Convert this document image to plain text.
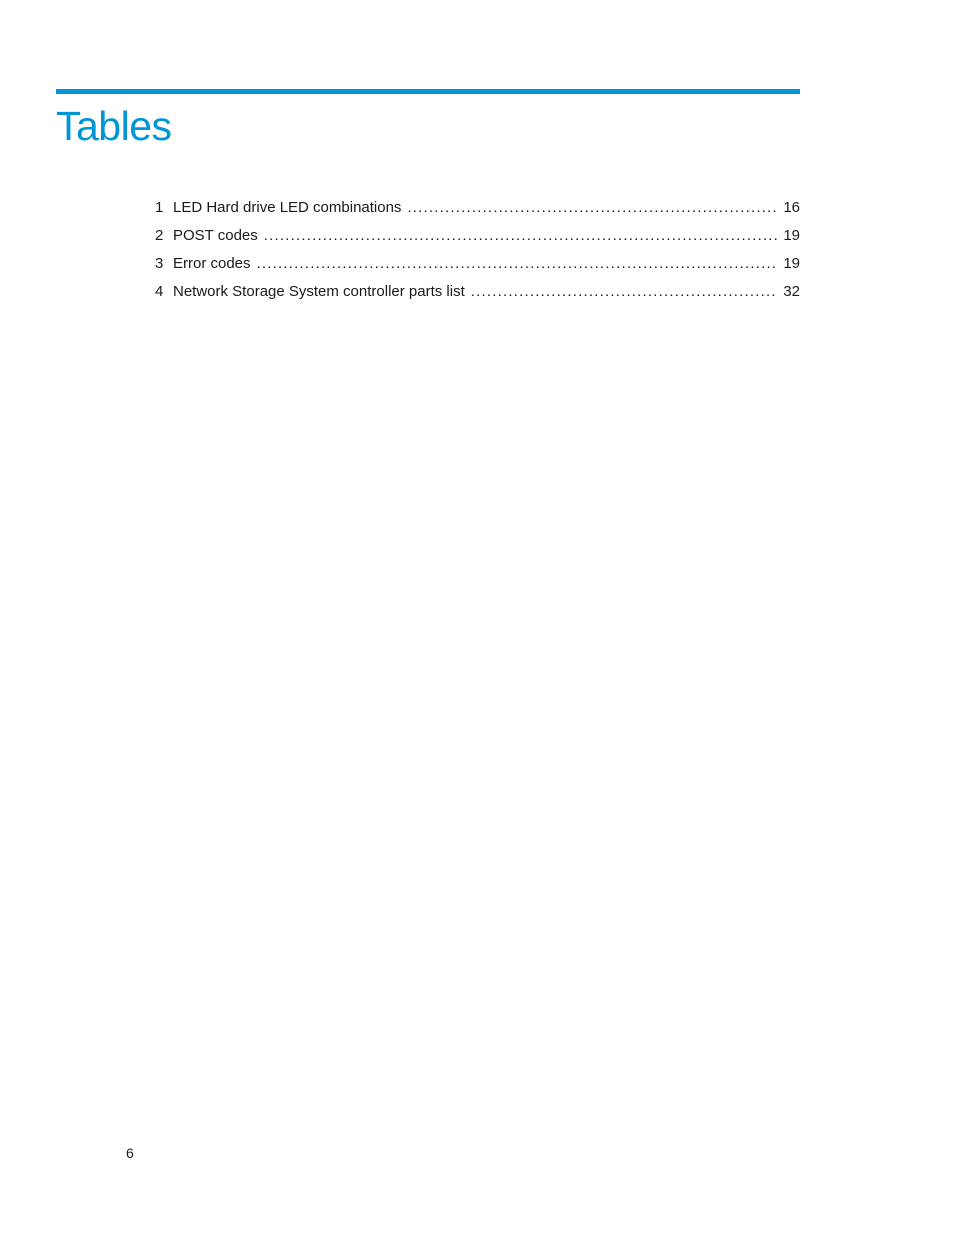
Tables
1 LED Hard drive LED combinations .....	16
2 POST codes .....	19
3 Error codes .....	19
4 Network Storage System controller parts list .....	32
6
